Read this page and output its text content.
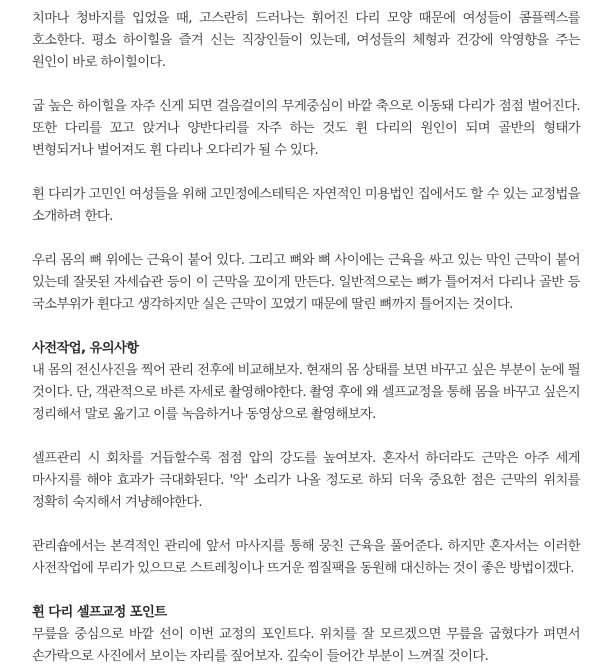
치마나 청바지를 입었을 때, 고스란히 드러나는 휘어진 다리 모양 때문에 여성들이 콤플렉스를 호소한다. 평소 하이힐을 즐겨 신는 직장인들이 있는데, 여성들의 체형과 건강에 악영향을 주는 원인이 바로 하이힐이다.

굽 높은 하이힐을 자주 신게 되면 걸음걸이의 무게중심이 바깥 축으로 이동돼 다리가 점점 벌어진다. 또한 다리를 꼬고 앉거나 양반다리를 자주 하는 것도 휜 다리의 원인이 되며 골반의 형태가 변형되거나 벌어져도 휜 다리나 오다리가 될 수 있다.

휜 다리가 고민인 여성들을 위해 고민정에스테틱은 자연적인 미용법인 집에서도 할 수 있는 교정법을 소개하려 한다.

우리 몸의 뼈 위에는 근육이 붙어 있다. 그리고 뼈와 뼈 사이에는 근육을 싸고 있는 막인 근막이 붙어 있는데 잘못된 자세습관 등이 이 근막을 꼬이게 만든다. 일반적으로는 뼈가 틀어져서 다리나 골반 등 국소부위가 휜다고 생각하지만 실은 근막이 꼬였기 때문에 딸린 뼈까지 틀어지는 것이다.

사전작업, 유의사항

내 몸의 전신사진을 찍어 관리 전후에 비교해보자. 현재의 몸 상태를 보면 바꾸고 싶은 부분이 눈에 띌 것이다. 단, 객관적으로 바른 자세로 촬영해야한다. 촬영 후에 왜 셀프교정을 통해 몸을 바꾸고 싶은지 정리해서 말로 옮기고 이를 녹음하거나 동영상으로 촬영해보자.

셀프관리 시 회차를 거듭할수록 점점 압의 강도를 높여보자. 혼자서 하더라도 근막은 아주 세게 마사지를 해야 효과가 극대화된다. '악' 소리가 나올 정도로 하되 더욱 중요한 점은 근막의 위치를 정확히 숙지해서 겨냥해야한다.

관리숍에서는 본격적인 관리에 앞서 마사지를 통해 뭉친 근육을 풀어준다. 하지만 혼자서는 이러한 사전작업에 무리가 있으므로 스트레칭이나 뜨거운 찜질팩을 동원해 대신하는 것이 좋은 방법이겠다.

휜 다리 셀프교정 포인트

무릎을 중심으로 바깥 선이 이번 교정의 포인트다. 위치를 잘 모르겠으면 무릎을 굽혔다가 펴면서 손가락으로 사진에서 보이는 자리를 짚어보자. 깊숙이 들어간 부분이 느껴질 것이다.
